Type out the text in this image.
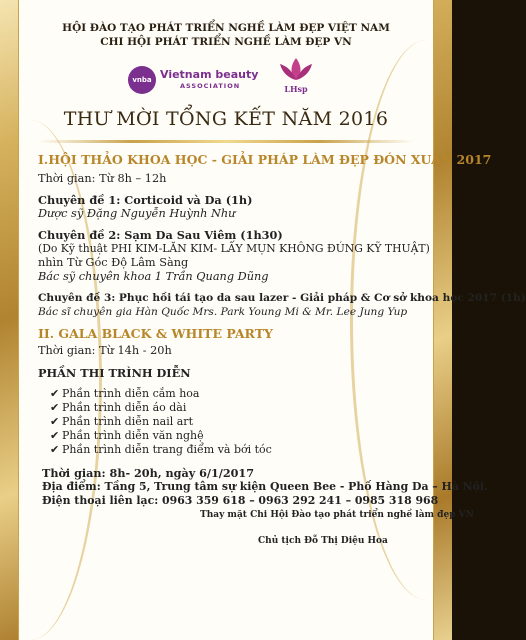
HỘI ĐÀO TẠO PHÁT TRIỂN NGHỀ LÀM ĐẸP VIỆT NAM
CHI HỘI PHÁT TRIỂN NGHỀ LÀM ĐẸP VN
vnba Vietnam beauty
ASSOCIATION	LHsp
THƯ MỜI TỔNG KẾT NĂM 2016
I.HỘI THẢO KHOA HỌC - GIẢI PHÁP LÀM ĐẸP ĐÓN XUÂN 2017
Thời gian: Từ 8h – 12h
Chuyên đề 1: Corticoid và Da (1h)
Dược sỹ Đặng Nguyễn Huỳnh Như
Chuyên đề 2: Sạm Da Sau Viêm (1h30)
(Do Kỹ thuật PHI KIM-LĂN KIM- LẤY MỤN KHÔNG ĐÚNG KỸ THUẬT)
nhìn Từ Góc Độ Lâm Sàng
Bác sỹ chuyên khoa 1 Trần Quang Dũng
Chuyên đề 3: Phục hồi tái tạo da sau lazer - Giải pháp & Cơ sở khoa học 2017 (1h)
Bác sĩ chuyên gia Hàn Quốc Mrs. Park Young Mi & Mr. Lee Jung Yup
II. GALA BLACK & WHITE PARTY
Thời gian: Từ 14h - 20h
PHẦN THI TRÌNH DIỄN
✔ Phần trình diễn cắm hoa
✔ Phần trình diễn áo dài
✔ Phần trình diễn nail art
✔ Phần trình diễn văn nghệ
✔ Phần trình diễn trang điểm và bới tóc
Thời gian: 8h- 20h, ngày 6/1/2017
Địa điểm: Tầng 5, Trung tâm sự kiện Queen Bee - Phố Hàng Da – Hà Nội.
Điện thoại liên lạc: 0963 359 618 – 0963 292 241 – 0985 318 968
Thay mặt Chi Hội Đào tạo phát triển nghề làm đẹp VN
Chủ tịch Đỗ Thị Diệu Hoa
